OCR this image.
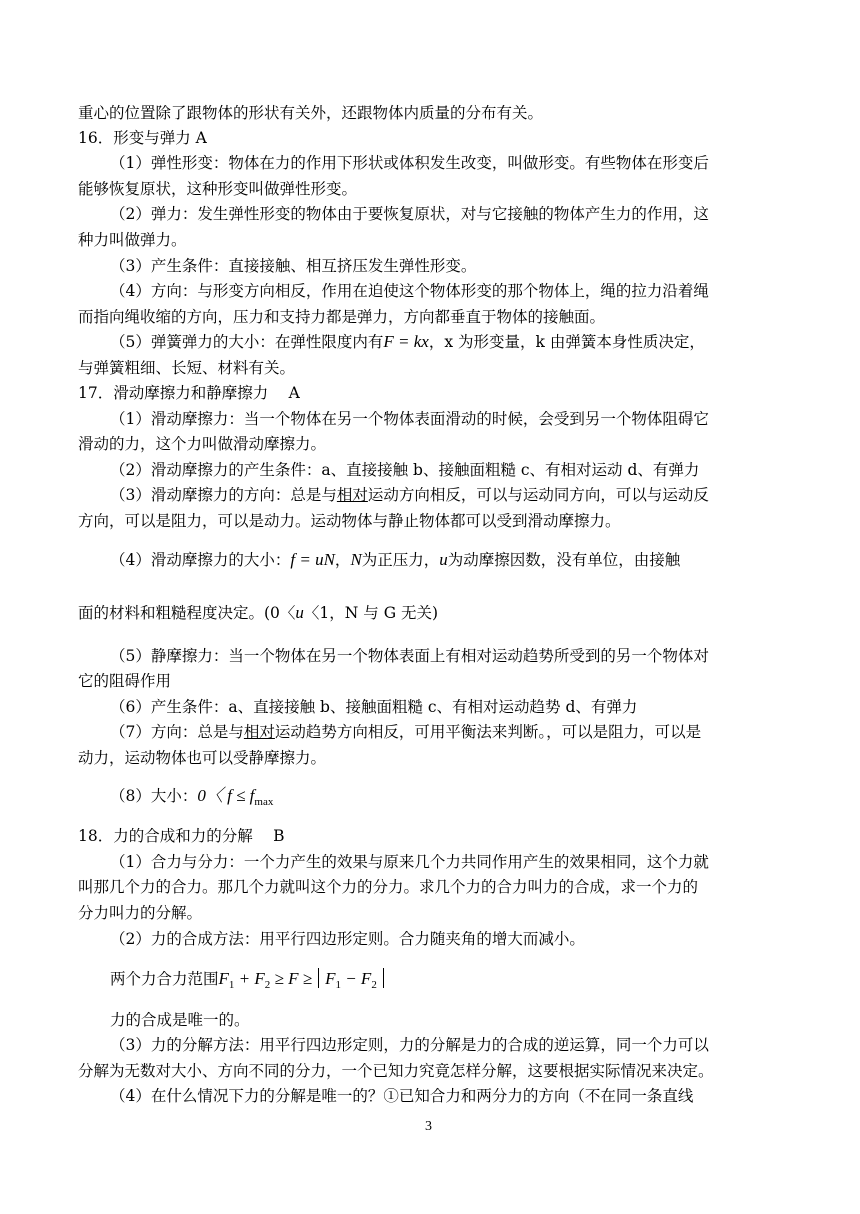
重心的位置除了跟物体的形状有关外，还跟物体内质量的分布有关。

16．形变与弹力 A

（1）弹性形变：物体在力的作用下形状或体积发生改变，叫做形变。有些物体在形变后

能够恢复原状，这种形变叫做弹性形变。

（2）弹力：发生弹性形变的物体由于要恢复原状，对与它接触的物体产生力的作用，这

种力叫做弹力。

（3）产生条件：直接接触、相互挤压发生弹性形变。

（4）方向：与形变方向相反，作用在迫使这个物体形变的那个物体上，绳的拉力沿着绳

而指向绳收缩的方向，压力和支持力都是弹力，方向都垂直于物体的接触面。

（5）弹簧弹力的大小：在弹性限度内有F = kx，x 为形变量，k 由弹簧本身性质决定，

与弹簧粗细、长短、材料有关。

17．滑动摩擦力和静摩擦力　 A

（1）滑动摩擦力：当一个物体在另一个物体表面滑动的时候，会受到另一个物体阻碍它

滑动的力，这个力叫做滑动摩擦力。

（2）滑动摩擦力的产生条件：a、直接接触 b、接触面粗糙 c、有相对运动 d、有弹力

（3）滑动摩擦力的方向：总是与相对运动方向相反，可以与运动同方向，可以与运动反

方向，可以是阻力，可以是动力。运动物体与静止物体都可以受到滑动摩擦力。

（4）滑动摩擦力的大小：f = uN，N为正压力，u为动摩擦因数，没有单位，由接触

面的材料和粗糙程度决定。(0〈u〈1，N 与 G 无关)

（5）静摩擦力：当一个物体在另一个物体表面上有相对运动趋势所受到的另一个物体对

它的阻碍作用

（6）产生条件：a、直接接触 b、接触面粗糙 c、有相对运动趋势 d、有弹力

（7）方向：总是与相对运动趋势方向相反，可用平衡法来判断。，可以是阻力，可以是

动力，运动物体也可以受静摩擦力。

（8）大小：0〈 $f \le f_{max}$

18．力的合成和力的分解　 B

（1）合力与分力：一个力产生的效果与原来几个力共同作用产生的效果相同，这个力就

叫那几个力的合力。那几个力就叫这个力的分力。求几个力的合力叫力的合成，求一个力的

分力叫力的分解。

（2）力的合成方法：用平行四边形定则。合力随夹角的增大而减小。

两个力合力范围$F_1 + F_2 \ge F \ge F_1 - F_2$

力的合成是唯一的。

（3）力的分解方法：用平行四边形定则，力的分解是力的合成的逆运算，同一个力可以

分解为无数对大小、方向不同的分力，一个已知力究竟怎样分解，这要根据实际情况来决定。

（4）在什么情况下力的分解是唯一的？①已知合力和两分力的方向（不在同一条直线

3
